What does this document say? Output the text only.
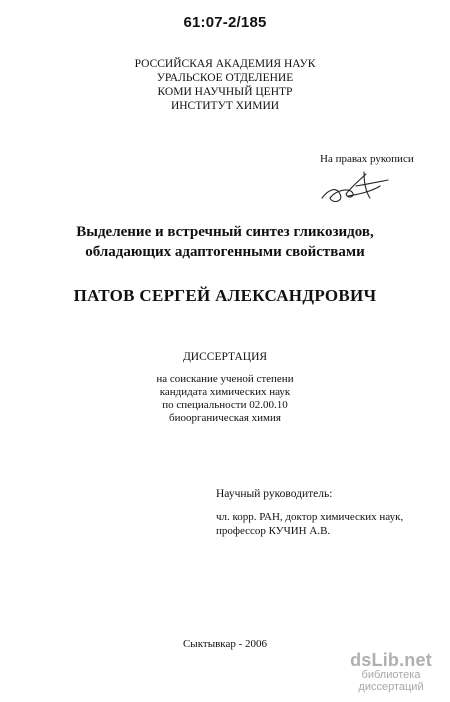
61:07-2/185
РОССИЙСКАЯ АКАДЕМИЯ НАУК
УРАЛЬСКОЕ ОТДЕЛЕНИЕ
КОМИ НАУЧНЫЙ ЦЕНТР
ИНСТИТУТ ХИМИИ
На правах рукописи
Выделение и встречный синтез гликозидов,
обладающих адаптогенными свойствами
ПАТОВ СЕРГЕЙ АЛЕКСАНДРОВИЧ
ДИССЕРТАЦИЯ
на соискание ученой степени
кандидата химических наук
по специальности 02.00.10
биоорганическая химия
Научный руководитель:
чл. корр. РАН, доктор химических наук,
профессор КУЧИН А.В.
Сыктывкар - 2006
dsLib.net
библиотека диссертаций
